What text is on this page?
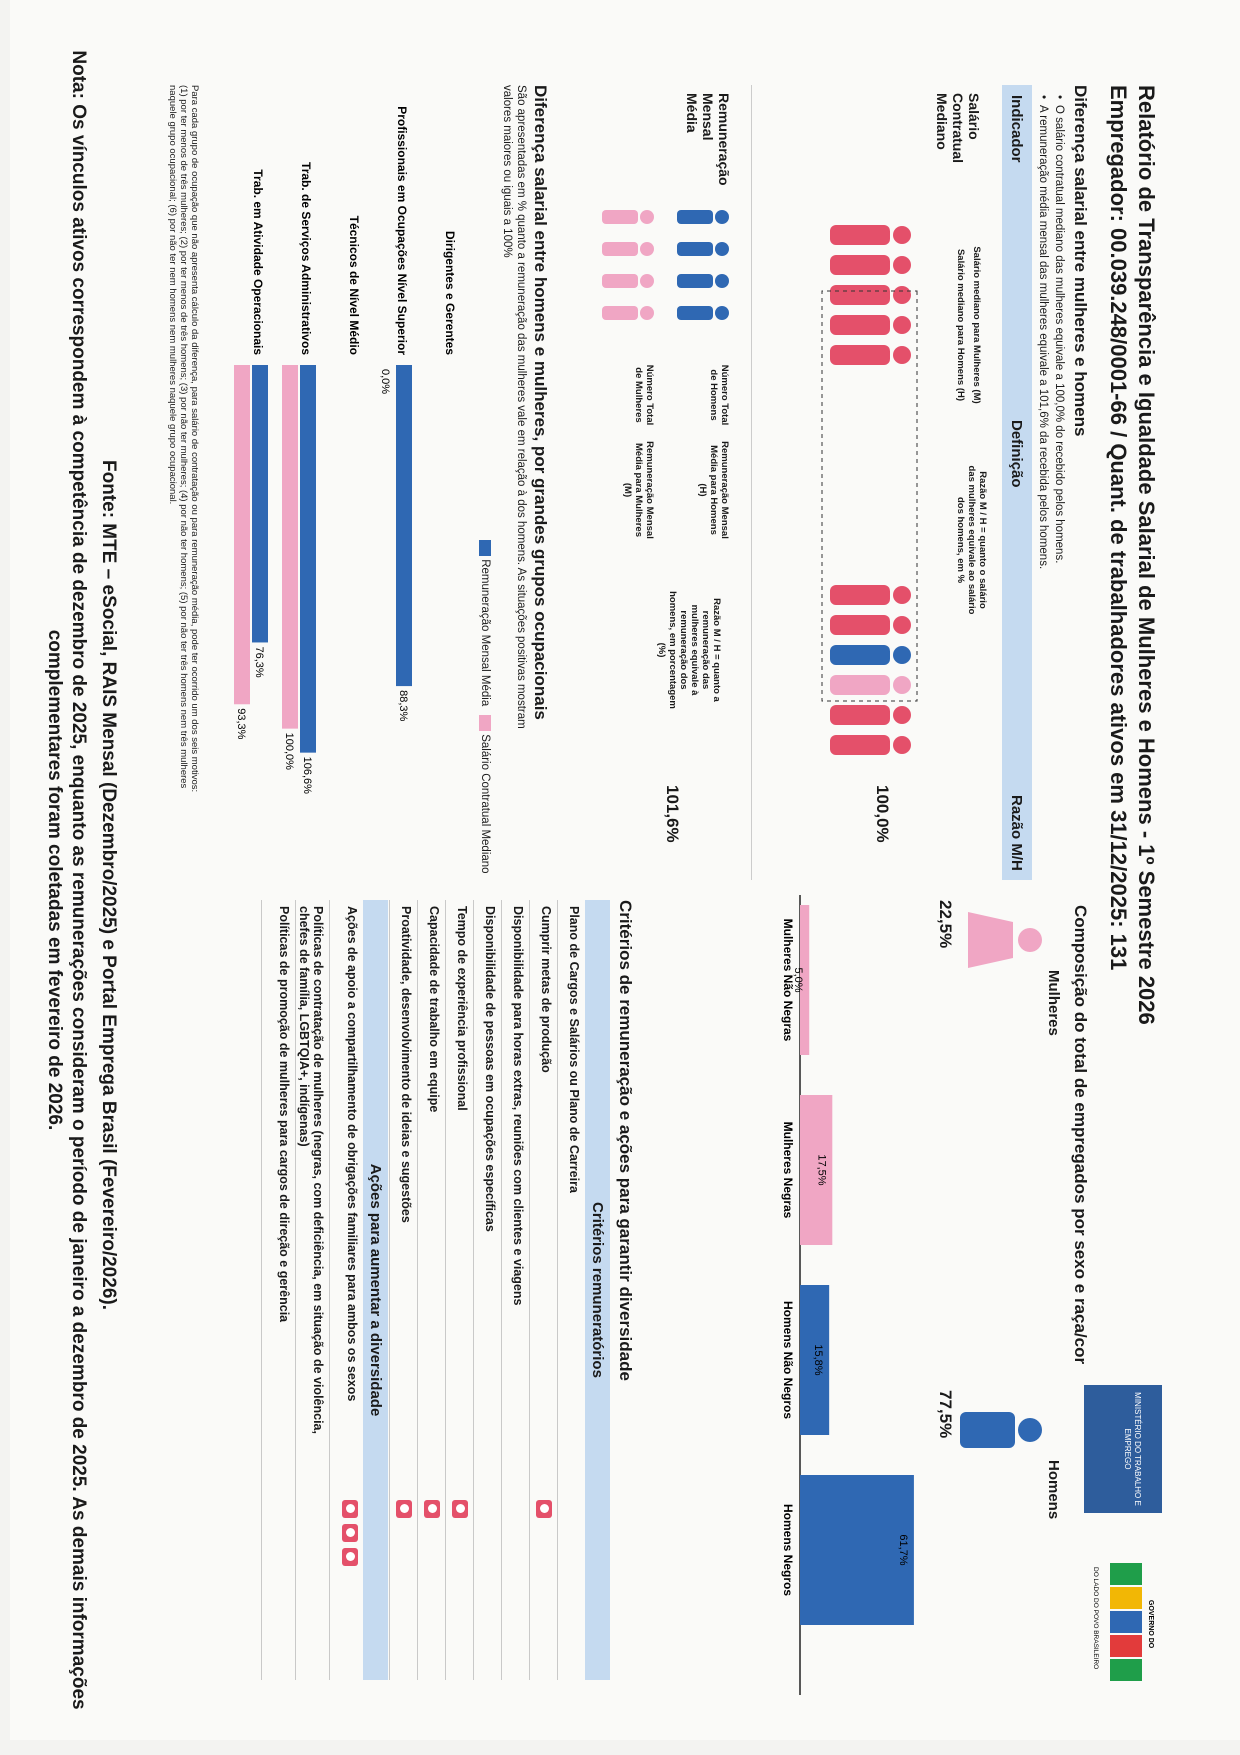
Relatório de Transparência e Igualdade Salarial de Mulheres e Homens - 1º Semestre 2026
Empregador: 00.039.248/0001-66 / Quant. de trabalhadores ativos em 31/12/2025: 131
MINISTÉRIO DO TRABALHO E EMPREGO
GOVERNO DO
DO LADO DO POVO BRASILEIRO
Diferença salarial entre mulheres e homens
• O salário contratual mediano das mulheres equivale a 100,0% do recebido pelos homens.
• A remuneração média mensal das mulheres equivale a 101,6% da recebida pelos homens.
Indicador
Definição
Razão M/H
Salário Contratual Mediano
Salário mediano para Mulheres (M)
Salário mediano para Homens (H)
Razão M / H = quanto o salário das mulheres equivale ao salário dos homens, em %
100,0%
Remuneração Mensal Média
Número Total de Homens
Remuneração Mensal Média para Homens (H)
Número Total de Mulheres
Remuneração Mensal Média para Mulheres (M)
Razão M / H = quanto a remuneração das mulheres equivale à remuneração dos homens, em porcentagem (%)
101,6%
Composição do total de empregados por sexo e raça/cor
Mulheres
Homens
22,5%
77,5%
5,0%
Mulheres Não Negras
17,5%
Mulheres Negras
15,8%
Homens Não Negros
61,7%
Homens Negros
Critérios de remuneração e ações para garantir diversidade
Critérios remuneratórios
Plano de Cargos e Salários ou Plano de Carreira
Cumprir metas de produção
Disponibilidade para horas extras, reuniões com clientes e viagens
Disponibilidade de pessoas em ocupações específicas
Tempo de experiência profissional
Capacidade de trabalho em equipe
Proatividade, desenvolvimento de ideias e sugestões
Ações para aumentar a diversidade
Ações de apoio a compartilhamento de obrigações familiares para ambos os sexos
Políticas de contratação de mulheres (negras, com deficiência, em situação de violência, chefes de família, LGBTQIA+, indígenas)
Políticas de promoção de mulheres para cargos de direção e gerência
Diferença salarial entre homens e mulheres, por grandes grupos ocupacionais
São apresentadas em % quanto a remuneração das mulheres vale em relação à dos homens. As situações positivas mostram valores maiores ou iguais a 100%
Remuneração Mensal Média
Salário Contratual Mediano
Dirigentes e Gerentes
Profissionais em Ocupações Nível Superior
88,3%
0,0%
Técnicos de Nível Médio
Trab. de Serviços Administrativos
106,6%
100,0%
Trab. em Atividade Operacionais
76,3%
93,3%
Para cada grupo de ocupação que não apresenta cálculo da diferença, para salário de contratação ou para remuneração média, pode ter ocorrido um dos seis motivos: (1) por ter menos de três mulheres; (2) por ter menos de três homens; (3) por não ter mulheres; (4) por não ter homens; (5) por não ter três homens nem três mulheres naquele grupo ocupacional; (6) por não ter nem homens nem mulheres naquele grupo ocupacional.
Fonte: MTE – eSocial, RAIS Mensal (Dezembro/2025) e Portal Emprega Brasil (Fevereiro/2026).
Nota: Os vínculos ativos correspondem à competência de dezembro de 2025, enquanto as remunerações consideram o período de janeiro a dezembro de 2025. As demais informações complementares foram coletadas em fevereiro de 2026.
